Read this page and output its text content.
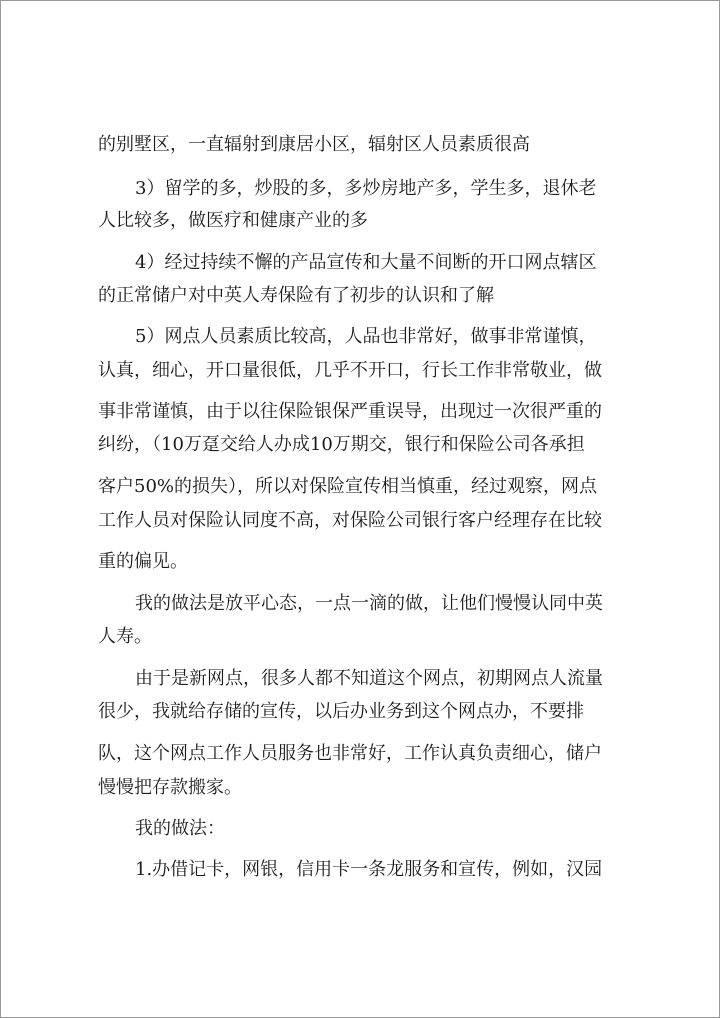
的别墅区，一直辐射到康居小区，辐射区人员素质很高

3）留学的多，炒股的多，多炒房地产多，学生多，退休老

人比较多，做医疗和健康产业的多

4）经过持续不懈的产品宣传和大量不间断的开口网点辖区

的正常储户对中英人寿保险有了初步的认识和了解

5）网点人员素质比较高，人品也非常好，做事非常谨慎，

认真，细心，开口量很低，几乎不开口，行长工作非常敬业，做

事非常谨慎，由于以往保险银保严重误导，出现过一次很严重的

纠纷，（10万趸交给人办成10万期交，银行和保险公司各承担

客户50%的损失），所以对保险宣传相当慎重，经过观察，网点

工作人员对保险认同度不高，对保险公司银行客户经理存在比较

重的偏见。

我的做法是放平心态，一点一滴的做，让他们慢慢认同中英

人寿。

由于是新网点，很多人都不知道这个网点，初期网点人流量

很少，我就给存储的宣传，以后办业务到这个网点办，不要排

队，这个网点工作人员服务也非常好，工作认真负责细心，储户

慢慢把存款搬家。

我的做法：

1.办借记卡，网银，信用卡一条龙服务和宣传，例如，汉园
